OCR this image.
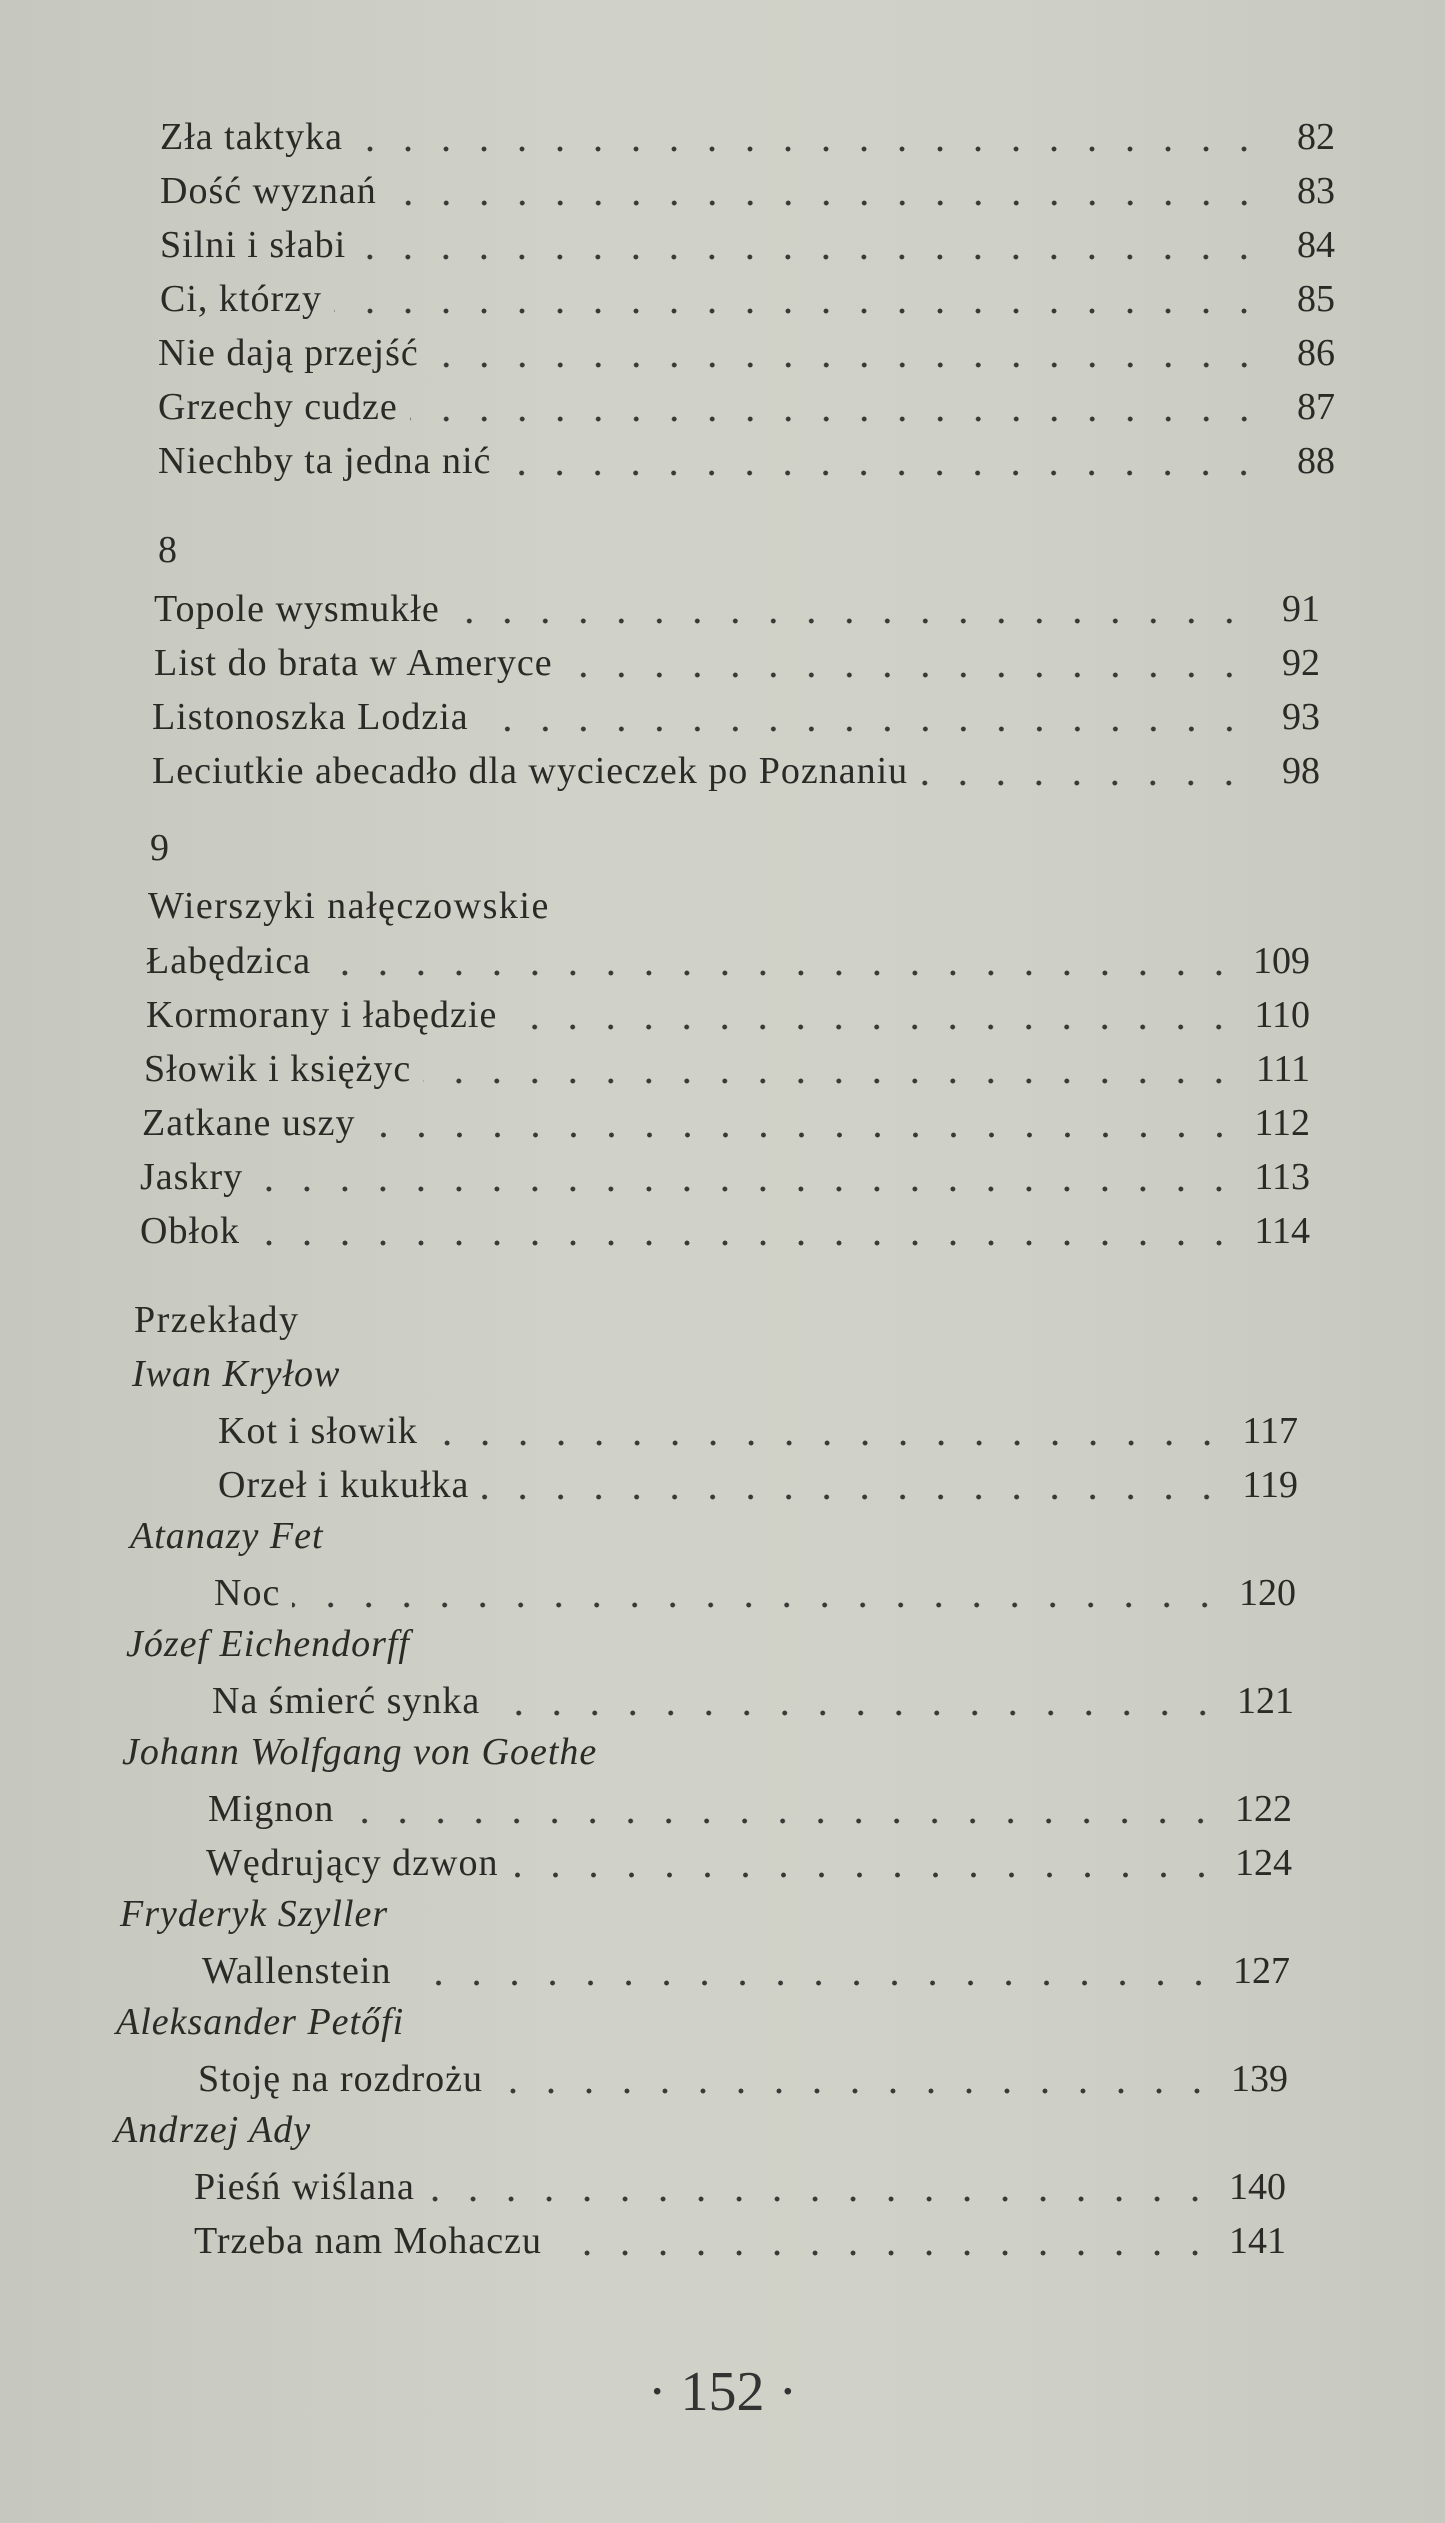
Zła taktyka	82
Dość wyznań	83
Silni i słabi	84
Ci, którzy	85
Nie dają przejść	86
Grzechy cudze	87
Niechby ta jedna nić	88
8
Topole wysmukłe	91
List do brata w Ameryce	92
Listonoszka Lodzia	93
Leciutkie abecadło dla wycieczek po Poznaniu	98
9
Wierszyki nałęczowskie
Łabędzica	109
Kormorany i łabędzie	110
Słowik i księżyc	111
Zatkane uszy	112
Jaskry	113
Obłok	114
Przekłady
Iwan Kryłow
Kot i słowik	117
Orzeł i kukułka	119
Atanazy Fet
Noc	120
Józef Eichendorff
Na śmierć synka	121
Johann Wolfgang von Goethe
Mignon	122
Wędrujący dzwon	124
Fryderyk Szyller
Wallenstein	127
Aleksander Petőfi
Stoję na rozdrożu	139
Andrzej Ady
Pieśń wiślana	140
Trzeba nam Mohaczu	141
· 152 ·
